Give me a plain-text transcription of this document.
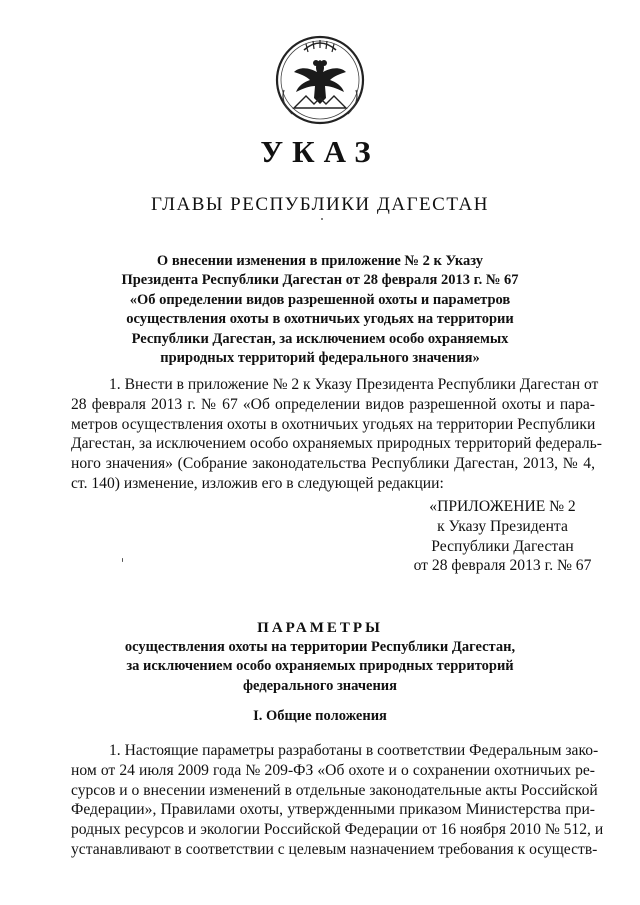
УКАЗ
ГЛАВЫ РЕСПУБЛИКИ ДАГЕСТАН
О внесении изменения в приложение № 2 к Указу
Президента Республики Дагестан от 28 февраля 2013 г. № 67
«Об определении видов разрешенной охоты и параметров
осуществления охоты в охотничьих угодьях на территории
Республики Дагестан, за исключением особо охраняемых
природных территорий федерального значения»
1. Внести в приложение № 2 к Указу Президента Республики Дагестан от
28 февраля 2013 г. № 67 «Об определении видов разрешенной охоты и пара-
метров осуществления охоты в охотничьих угодьях на территории Республики
Дагестан, за исключением особо охраняемых природных территорий федераль-
ного значения» (Собрание законодательства Республики Дагестан, 2013, № 4,
ст. 140) изменение, изложив его в следующей редакции:
«ПРИЛОЖЕНИЕ № 2
к Указу Президента
Республики Дагестан
от 28 февраля 2013 г. № 67
ПАРАМЕТРЫ
осуществления охоты на территории Республики Дагестан,
за исключением особо охраняемых природных территорий
федерального значения
I. Общие положения
1. Настоящие параметры разработаны в соответствии Федеральным зако-
ном от 24 июля 2009 года № 209-ФЗ «Об охоте и о сохранении охотничьих ре-
сурсов и о внесении изменений в отдельные законодательные акты Российской
Федерации», Правилами охоты, утвержденными приказом Министерства при-
родных ресурсов и экологии Российской Федерации от 16 ноября 2010 № 512, и
устанавливают в соответствии с целевым назначением требования к осуществ-
